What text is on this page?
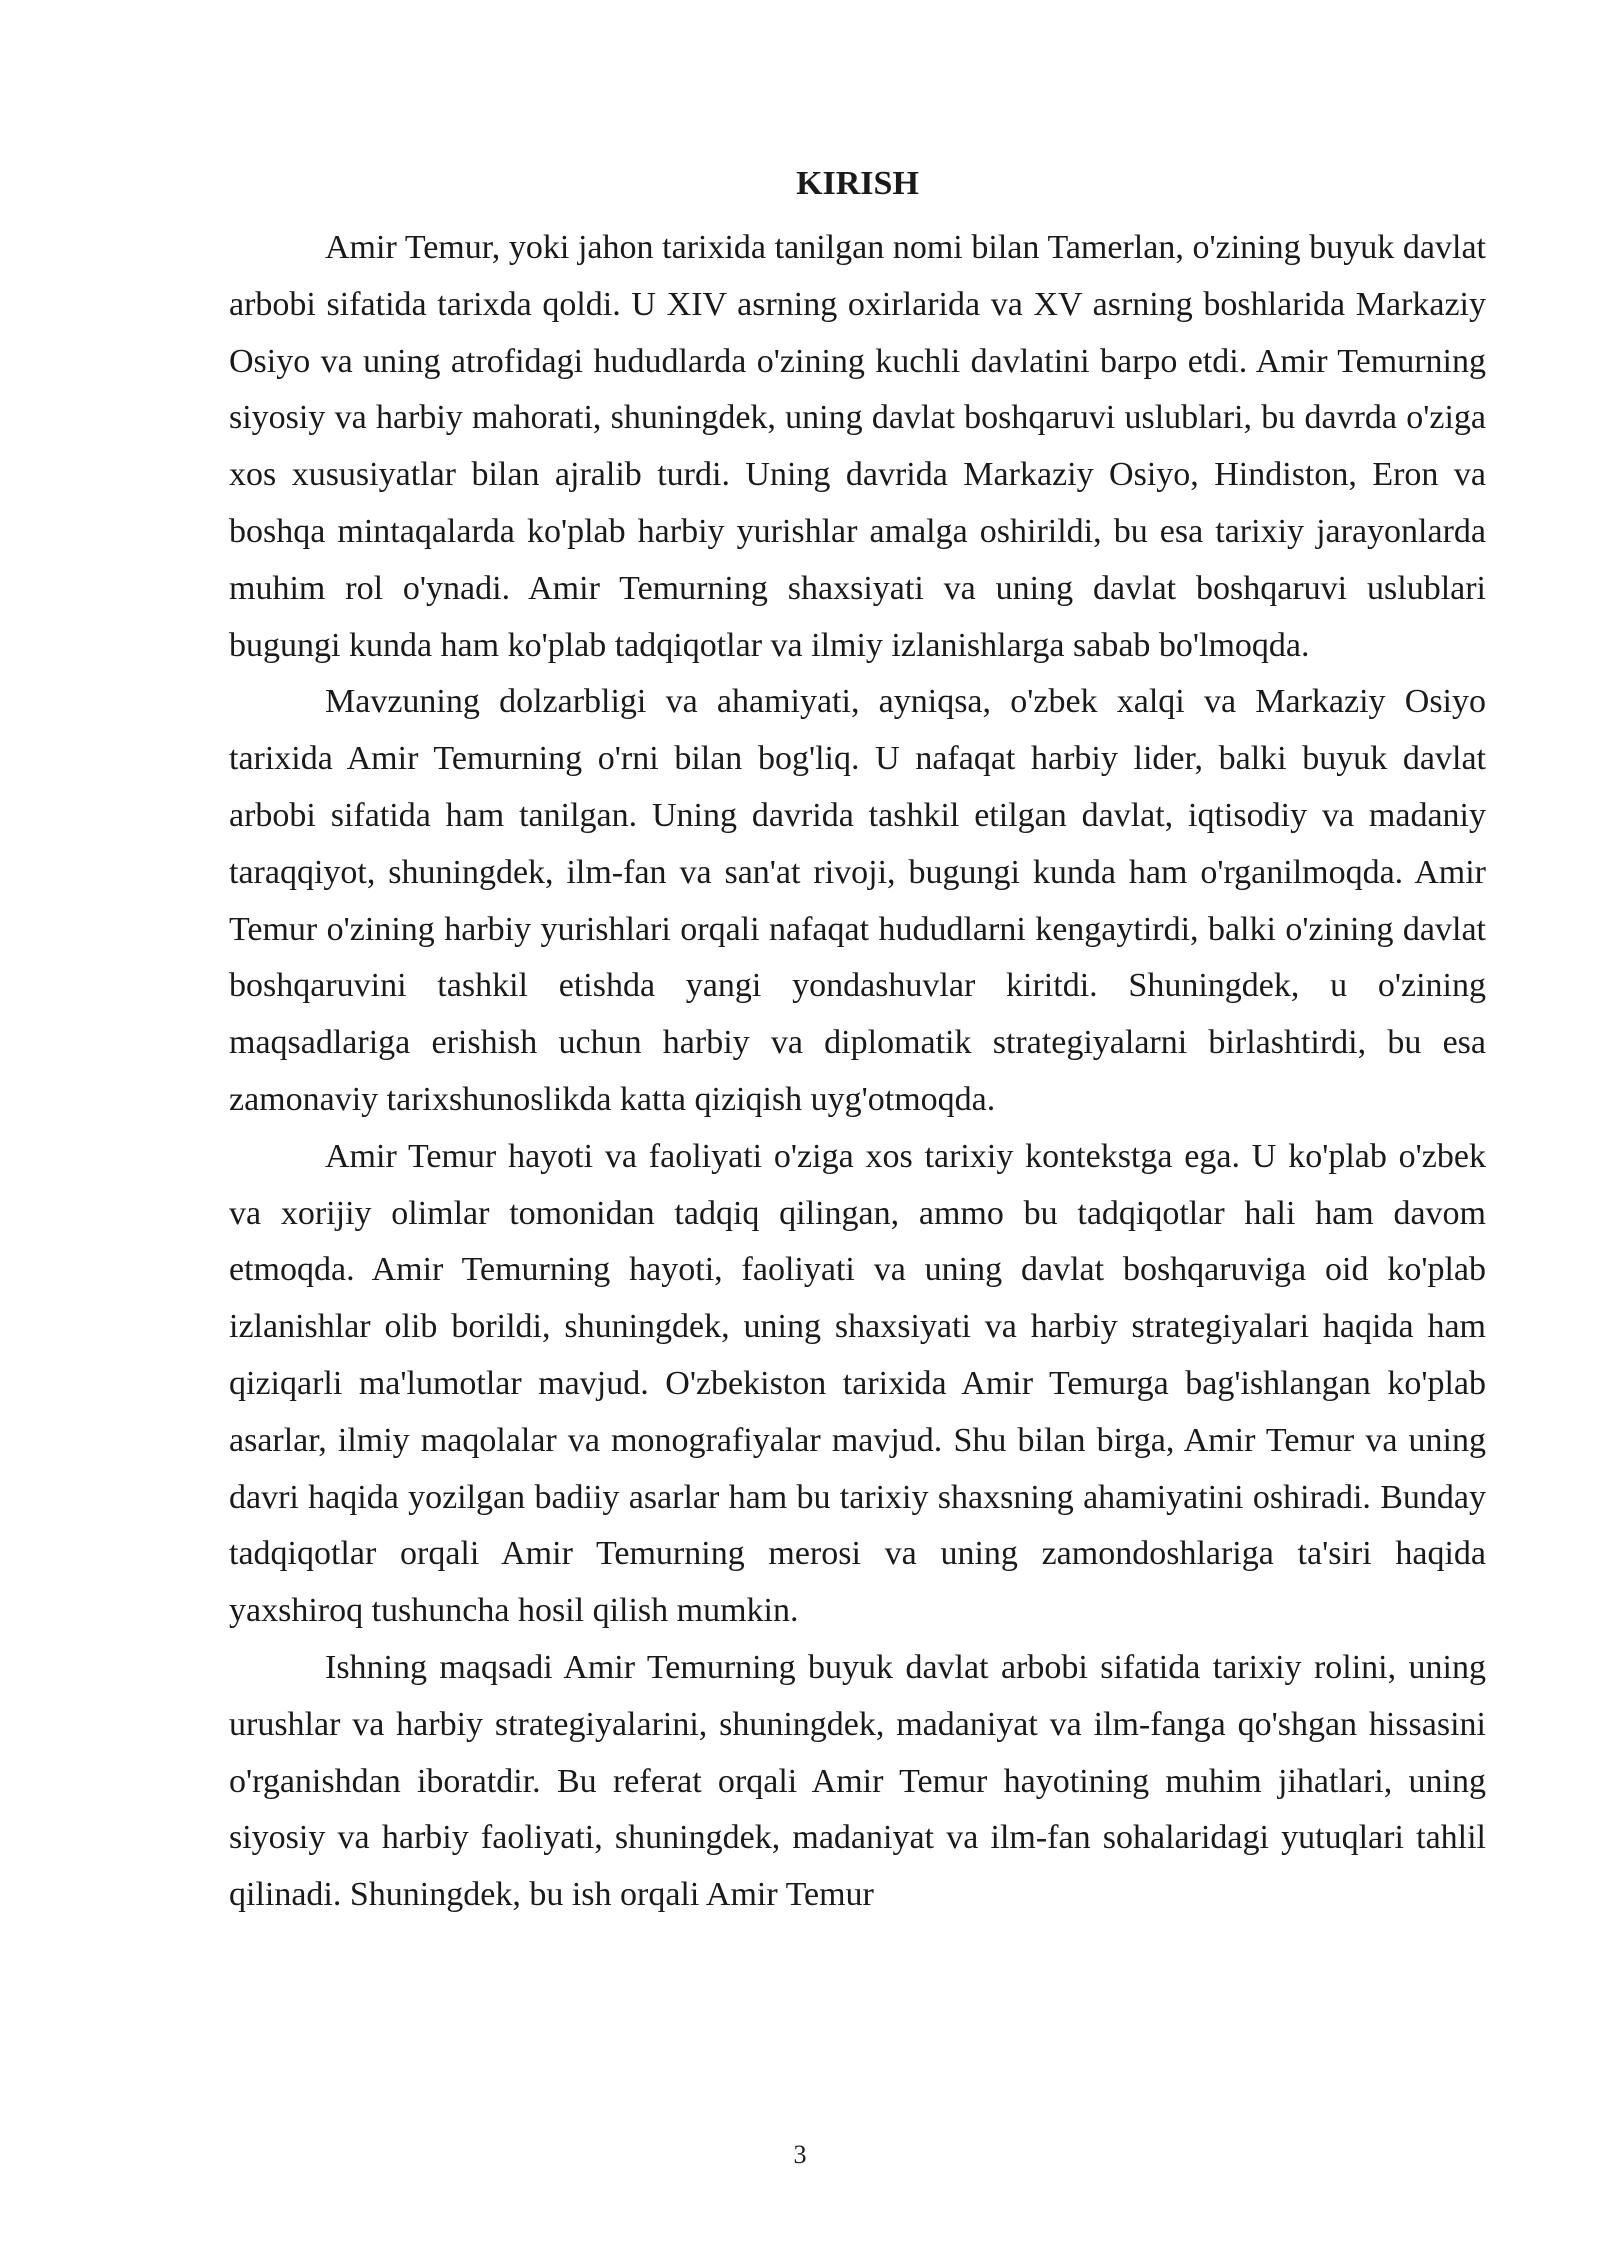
KIRISH

Amir Temur, yoki jahon tarixida tanilgan nomi bilan Tamerlan, o'zining buyuk davlat arbobi sifatida tarixda qoldi. U XIV asrning oxirlarida va XV asrning boshlarida Markaziy Osiyo va uning atrofidagi hududlarda o'zining kuchli davlatini barpo etdi. Amir Temurning siyosiy va harbiy mahorati, shuningdek, uning davlat boshqaruvi uslublari, bu davrda o'ziga xos xususiyatlar bilan ajralib turdi. Uning davrida Markaziy Osiyo, Hindiston, Eron va boshqa mintaqalarda ko'plab harbiy yurishlar amalga oshirildi, bu esa tarixiy jarayonlarda muhim rol o'ynadi. Amir Temurning shaxsiyati va uning davlat boshqaruvi uslublari bugungi kunda ham ko'plab tadqiqotlar va ilmiy izlanishlarga sabab bo'lmoqda.

Mavzuning dolzarbligi va ahamiyati, ayniqsa, o'zbek xalqi va Markaziy Osiyo tarixida Amir Temurning o'rni bilan bog'liq. U nafaqat harbiy lider, balki buyuk davlat arbobi sifatida ham tanilgan. Uning davrida tashkil etilgan davlat, iqtisodiy va madaniy taraqqiyot, shuningdek, ilm-fan va san'at rivoji, bugungi kunda ham o'rganilmoqda. Amir Temur o'zining harbiy yurishlari orqali nafaqat hududlarni kengaytirdi, balki o'zining davlat boshqaruvini tashkil etishda yangi yondashuvlar kiritdi. Shuningdek, u o'zining maqsadlariga erishish uchun harbiy va diplomatik strategiyalarni birlashtirdi, bu esa zamonaviy tarixshunoslikda katta qiziqish uyg'otmoqda.

Amir Temur hayoti va faoliyati o'ziga xos tarixiy kontekstga ega. U ko'plab o'zbek va xorijiy olimlar tomonidan tadqiq qilingan, ammo bu tadqiqotlar hali ham davom etmoqda. Amir Temurning hayoti, faoliyati va uning davlat boshqaruviga oid ko'plab izlanishlar olib borildi, shuningdek, uning shaxsiyati va harbiy strategiyalari haqida ham qiziqarli ma'lumotlar mavjud. O'zbekiston tarixida Amir Temurga bag'ishlangan ko'plab asarlar, ilmiy maqolalar va monografiyalar mavjud. Shu bilan birga, Amir Temur va uning davri haqida yozilgan badiiy asarlar ham bu tarixiy shaxsning ahamiyatini oshiradi. Bunday tadqiqotlar orqali Amir Temurning merosi va uning zamondoshlariga ta'siri haqida yaxshiroq tushuncha hosil qilish mumkin.

Ishning maqsadi Amir Temurning buyuk davlat arbobi sifatida tarixiy rolini, uning urushlar va harbiy strategiyalarini, shuningdek, madaniyat va ilm-fanga qo'shgan hissasini o'rganishdan iboratdir. Bu referat orqali Amir Temur hayotining muhim jihatlari, uning siyosiy va harbiy faoliyati, shuningdek, madaniyat va ilm-fan sohalaridagi yutuqlari tahlil qilinadi. Shuningdek, bu ish orqali Amir Temur

3
